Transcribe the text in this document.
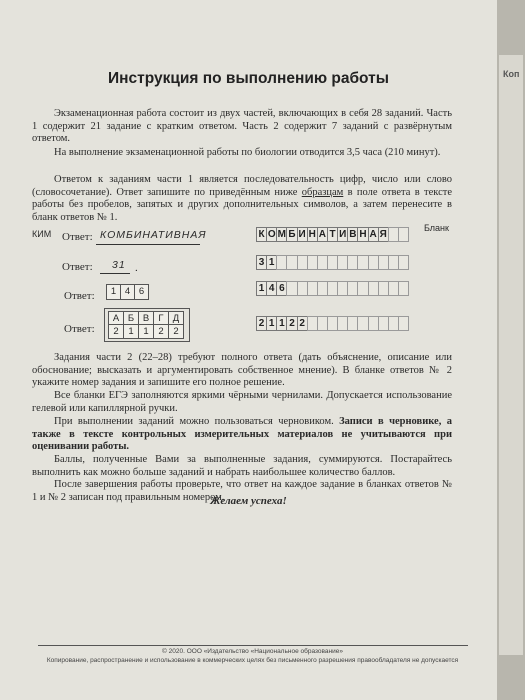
Инструкция по выполнению работы

Экзаменационная работа состоит из двух частей, включающих в себя 28 заданий. Часть 1 содержит 21 задание с кратким ответом. Часть 2 содержит 7 заданий с развёрнутым ответом.

На выполнение экзаменационной работы по биологии отводится 3,5 часа (210 минут).

Ответом к заданиям части 1 является последовательность цифр, число или слово (словосочетание). Ответ запишите по приведённым ниже образцам в поле ответа в тексте работы без пробелов, запятых и других дополнительных символов, а затем перенесите в бланк ответов № 1.

КИМ
Бланк
Ответ: КОМБИНАТИВНАЯ	К О М Б И Н А Т И В Н А Я
Ответ: 31 .	3 1
Ответ:	1 4 6	1 4 6
Ответ:
А Б В Г Д
2	1	1	2	2
2 1 1 2 2

Задания части 2 (22–28) требуют полного ответа (дать объяснение, описание или обоснование; высказать и аргументировать собственное мнение). В бланке ответов № 2 укажите номер задания и запишите его полное решение.

Все бланки ЕГЭ заполняются яркими чёрными чернилами. Допускается использование гелевой или капиллярной ручки.

При выполнении заданий можно пользоваться черновиком. Записи в черновике, а также в тексте контрольных измерительных материалов не учитываются при оценивании работы.

Баллы, полученные Вами за выполненные задания, суммируются. Постарайтесь выполнить как можно больше заданий и набрать наибольшее количество баллов.

После завершения работы проверьте, что ответ на каждое задание в бланках ответов № 1 и № 2 записан под правильным номером.

Желаем успеха!
© 2020. ООО «Издательство «Национальное образование»
Копирование, распространение и использование в коммерческих целях без письменного разрешения правообладателя не допускается
Коп
